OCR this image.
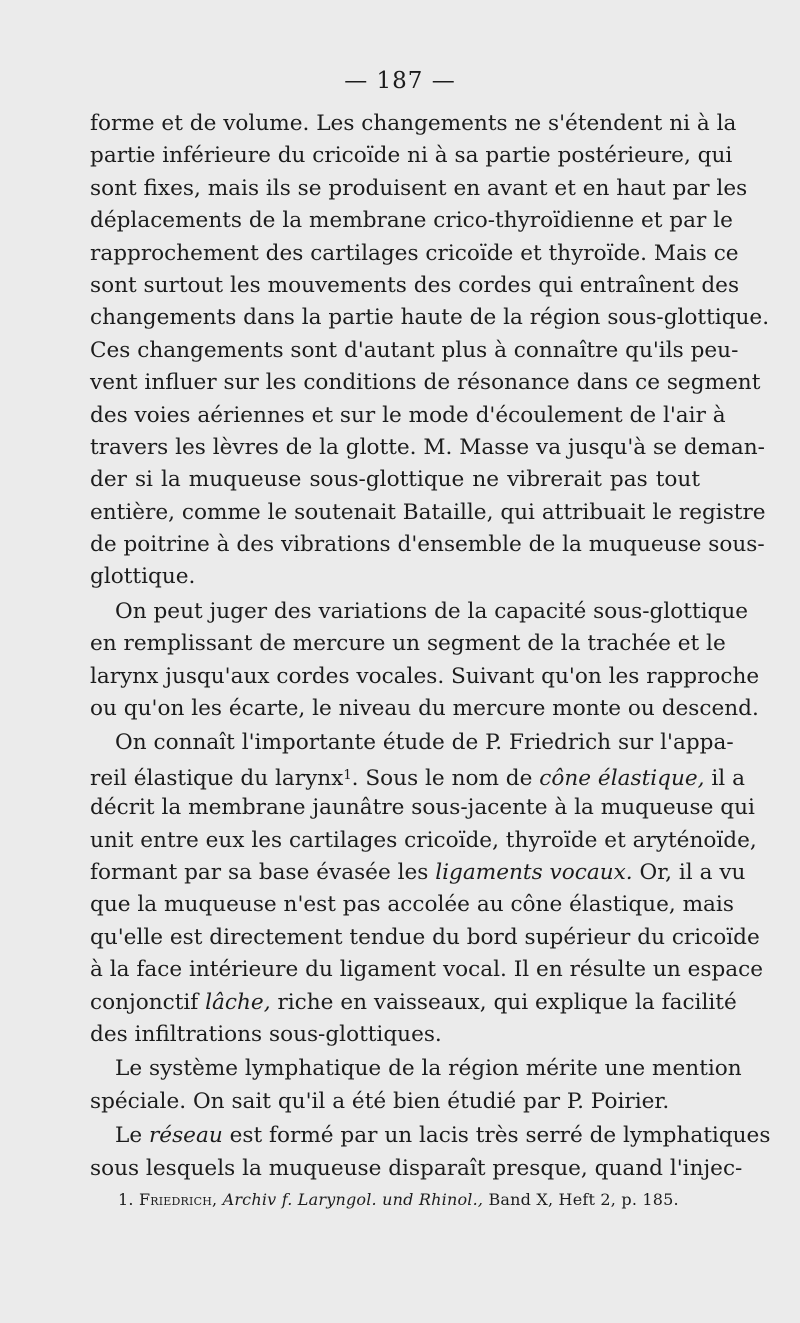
— 187 —
forme et de volume. Les changements ne s'étendent ni à la
partie inférieure du cricoïde ni à sa partie postérieure, qui
sont fixes, mais ils se produisent en avant et en haut par les
déplacements de la membrane crico-thyroïdienne et par le
rapprochement des cartilages cricoïde et thyroïde. Mais ce
sont surtout les mouvements des cordes qui entraînent des
changements dans la partie haute de la région sous-glottique.
Ces changements sont d'autant plus à connaître qu'ils peu-
vent influer sur les conditions de résonance dans ce segment
des voies aériennes et sur le mode d'écoulement de l'air à
travers les lèvres de la glotte. M. Masse va jusqu'à se deman-
der si la muqueuse sous-glottique ne vibrerait pas tout
entière, comme le soutenait Bataille, qui attribuait le registre
de poitrine à des vibrations d'ensemble de la muqueuse sous-
glottique.
On peut juger des variations de la capacité sous-glottique
en remplissant de mercure un segment de la trachée et le
larynx jusqu'aux cordes vocales. Suivant qu'on les rapproche
ou qu'on les écarte, le niveau du mercure monte ou descend.
On connaît l'importante étude de P. Friedrich sur l'appa-
reil élastique du larynx$^1$. Sous le nom de cône élastique, il a
décrit la membrane jaunâtre sous-jacente à la muqueuse qui
unit entre eux les cartilages cricoïde, thyroïde et aryténoïde,
formant par sa base évasée les ligaments vocaux. Or, il a vu
que la muqueuse n'est pas accolée au cône élastique, mais
qu'elle est directement tendue du bord supérieur du cricoïde
à la face intérieure du ligament vocal. Il en résulte un espace
conjonctif lâche, riche en vaisseaux, qui explique la facilité
des infiltrations sous-glottiques.
Le système lymphatique de la région mérite une mention
spéciale. On sait qu'il a été bien étudié par P. Poirier.
Le réseau est formé par un lacis très serré de lymphatiques
sous lesquels la muqueuse disparaît presque, quand l'injec-
1. Friedrich, Archiv f. Laryngol. und Rhinol., Band X, Heft 2, p. 185.
